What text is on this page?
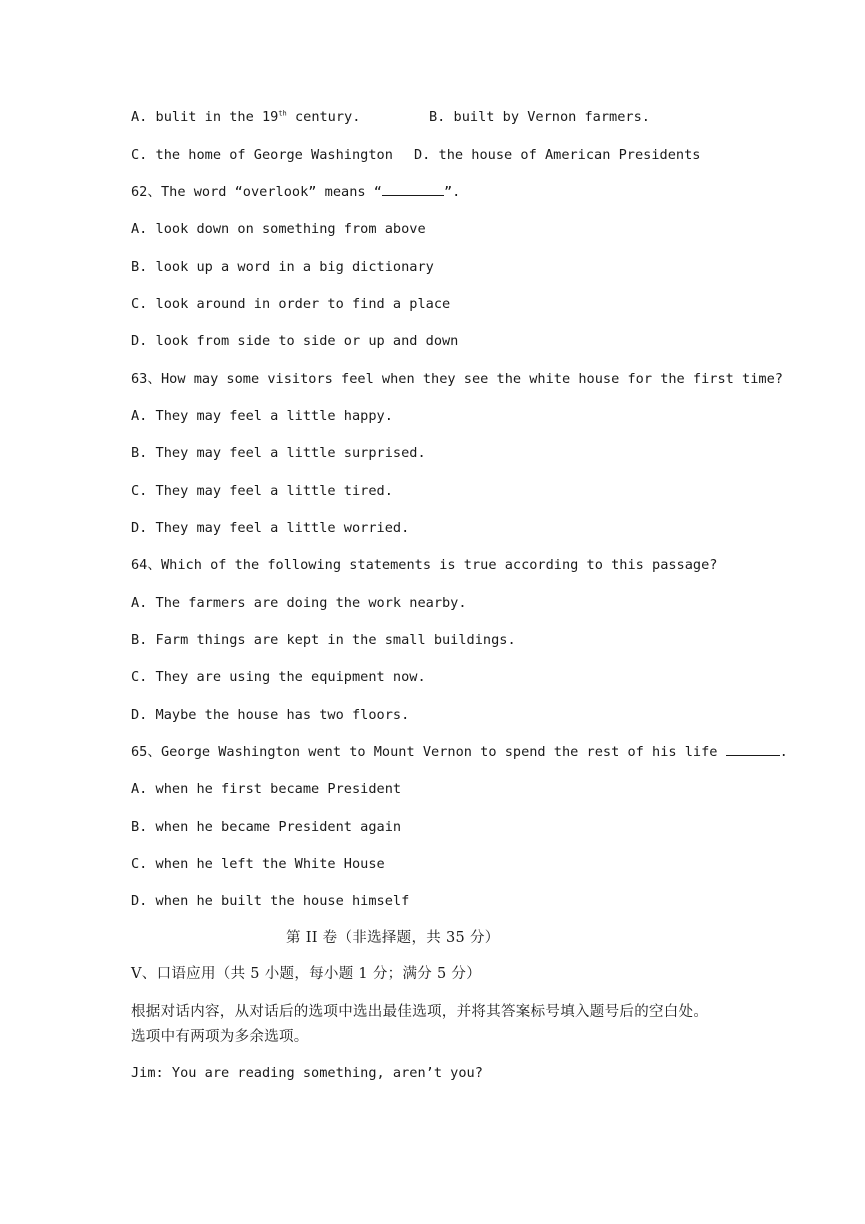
A. bulit in the 19th century.	B. built by Vernon farmers.
C. the home of George Washington D. the house of American Presidents
62、The word “overlook” means “	”.
A. look down on something from above
B. look up a word in a big dictionary
C. look around in order to find a place
D. look from side to side or up and down
63、How may some visitors feel when they see the white house for the first time?
A. They may feel a little happy.
B. They may feel a little surprised.
C. They may feel a little tired.
D. They may feel a little worried.
64、Which of the following statements is true according to this passage?
A. The farmers are doing the work nearby.
B. Farm things are kept in the small buildings.
C. They are using the equipment now.
D. Maybe the house has two floors.
65、George Washington went to Mount Vernon to spend the rest of his life	.
A. when he first became President
B. when he became President again
C. when he left the White House
D. when he built the house himself
第 II 卷（非选择题，共 35 分）
Ⅴ、口语应用（共 5 小题，每小题 1 分；满分 5 分）
根据对话内容，从对话后的选项中选出最佳选项，并将其答案标号填入题号后的空白处。
选项中有两项为多余选项。
Jim: You are reading something, aren’t you?
